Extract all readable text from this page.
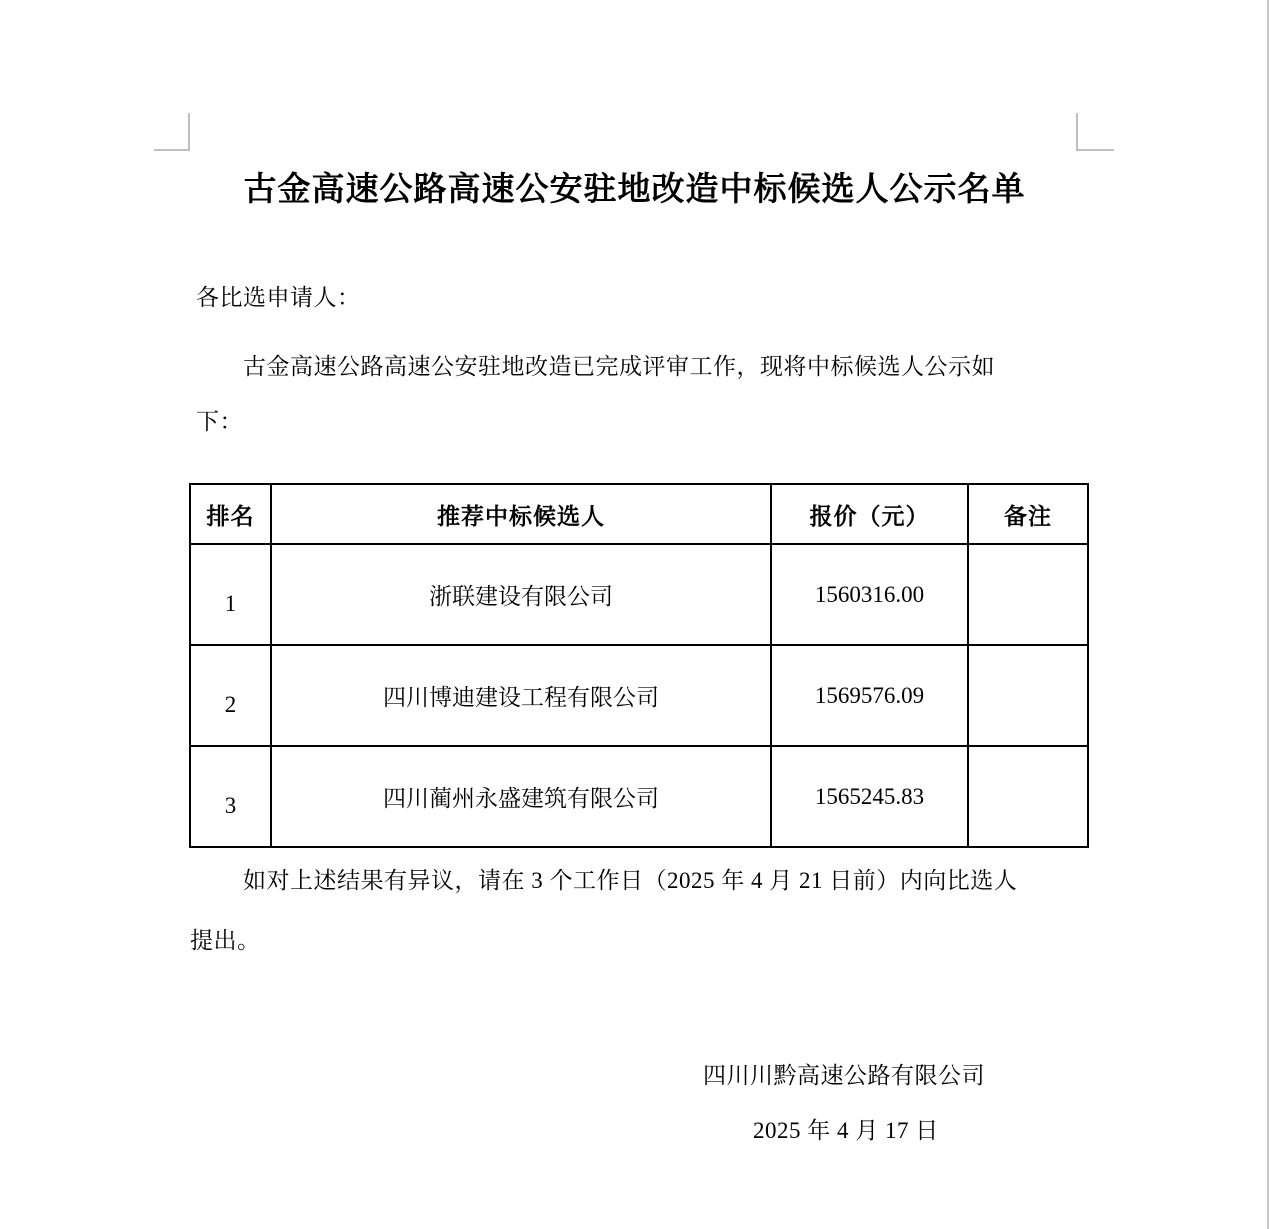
古金高速公路高速公安驻地改造中标候选人公示名单
各比选申请人：
古金高速公路高速公安驻地改造已完成评审工作，现将中标候选人公示如
下：
排名	推荐中标候选人	报价（元）	备注
1	浙联建设有限公司	1560316.00	
2	四川博迪建设工程有限公司	1569576.09	
3	四川蔺州永盛建筑有限公司	1565245.83	
如对上述结果有异议，请在 3 个工作日（2025 年 4 月 21 日前）内向比选人
提出。
四川川黔高速公路有限公司
2025 年 4 月 17 日
